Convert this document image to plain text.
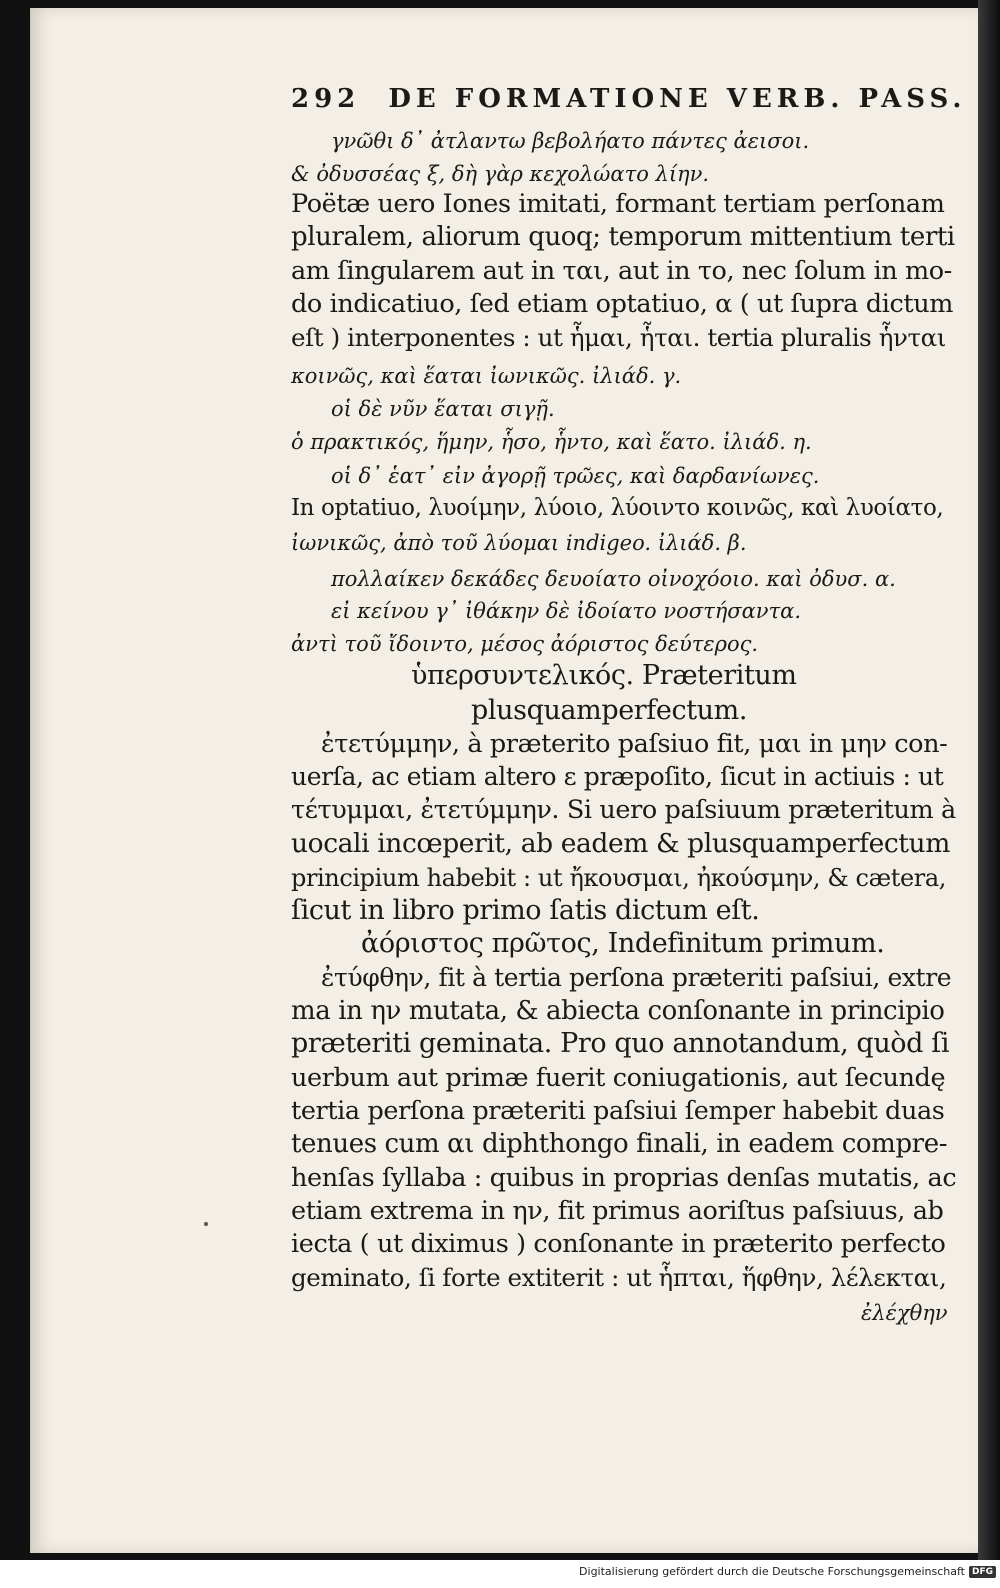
292 DE FORMATIONE VERB. PASS.
γνῶθι δ᾽ ἀτλαντω βεβολήατο πάντες ἀεισοι.
& ὀδυσσέας ξ, δὴ γὰρ κεχολώατο λίην.
Poëtæ uero Iones imitati, formant tertiam perſonam
pluralem, aliorum quoq; temporum mittentium terti
am ſingularem aut in ται, aut in το, nec ſolum in mo-
do indicatiuo, ſed etiam optatiuo, α ( ut ſupra dictum
eſt ) interponentes : ut ἧμαι, ἧται. tertia pluralis ἧνται
κοινῶς, καὶ ἕαται ἰωνικῶς. ἰλιάδ. γ.
οἱ δὲ νῦν ἕαται σιγῇ.
ὁ πρακτικός, ἥμην, ἧσο, ἧντο, καὶ ἕατο. ἰλιάδ. η.
οἱ δ᾽ ἑατ᾽ εἰν ἀγορῇ τρῶες, καὶ δαρδανίωνες.
In optatiuo, λυοίμην, λύοιο, λύοιντο κοινῶς, καὶ λυοίατο,
ἰωνικῶς, ἀπὸ τοῦ λύομαι indigeo. ἰλιάδ. β.
πολλαίκεν δεκάδες δευοίατο οἰνοχόοιο. καὶ ὀδυσ. α.
εἰ κείνου γ᾽ ἰθάκην δὲ ἰδοίατο νοστήσαντα.
ἀντὶ τοῦ ἴδοιντο, μέσος ἀόριστος δεύτερος.
ὑπερσυντελικός. Præteritum
plusquamperfectum.
ἐτετύμμην, à præterito paſsiuo fit, μαι in μην con-
uerſa, ac etiam altero ε præpoſito, ſicut in actiuis : ut
τέτυμμαι, ἐτετύμμην. Si uero paſsiuum præteritum à
uocali incœperit, ab eadem & plusquamperfectum
principium habebit : ut ἤκουσμαι, ἠκούσμην, & cætera,
ſicut in libro primo ſatis dictum eſt.
ἀόριστος πρῶτος, Indefinitum primum.
ἐτύφθην, fit à tertia perſona præteriti paſsiui, extre
ma in ην mutata, & abiecta conſonante in principio
præteriti geminata. Pro quo annotandum, quòd ſi
uerbum aut primæ fuerit coniugationis, aut ſecundę
tertia perſona præteriti paſsiui ſemper habebit duas
tenues cum αι diphthongo finali, in eadem compre-
henſas ſyllaba : quibus in proprias denſas mutatis, ac
etiam extrema in ην, fit primus aoriſtus paſsiuus, ab
iecta ( ut diximus ) conſonante in præterito perfecto
geminato, ſi forte extiterit : ut ἧπται, ἥφθην, λέλεκται,
ἐλέχθην
Digitalisierung gefördert durch die Deutsche Forschungsgemeinschaft DFG
